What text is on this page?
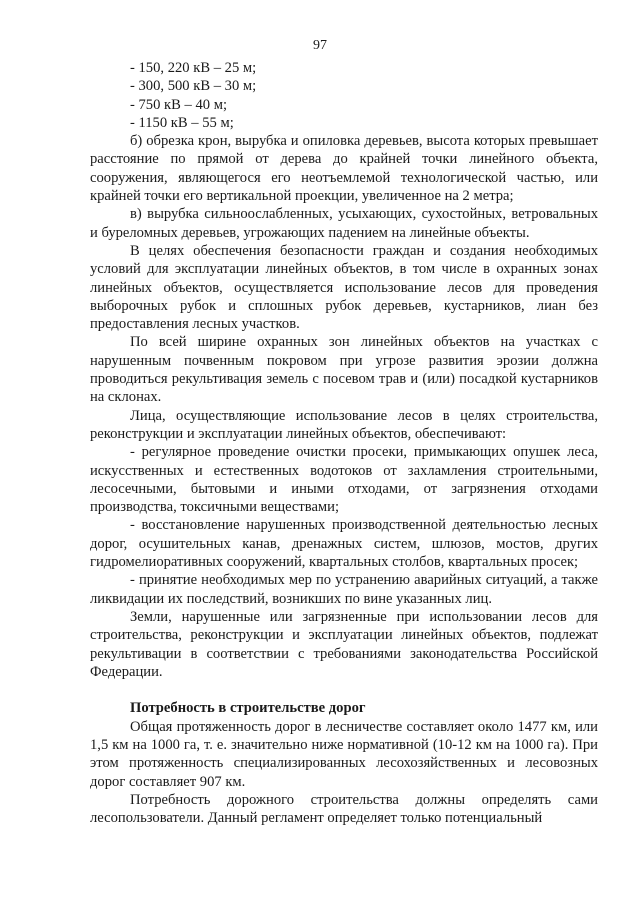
97

- 150, 220 кВ – 25 м;

- 300, 500 кВ – 30 м;

- 750 кВ – 40 м;

- 1150 кВ – 55 м;

б) обрезка крон, вырубка и опиловка деревьев, высота которых превышает расстояние по прямой от дерева до крайней точки линейного объекта, сооружения, являющегося его неотъемлемой технологической частью, или крайней точки его вертикальной проекции, увеличенное на 2 метра;

в) вырубка сильноослабленных, усыхающих, сухостойных, ветровальных и буреломных деревьев, угрожающих падением на линейные объекты.

В целях обеспечения безопасности граждан и создания необходимых условий для эксплуатации линейных объектов, в том числе в охранных зонах линейных объектов, осуществляется использование лесов для проведения выборочных рубок и сплошных рубок деревьев, кустарников, лиан без предоставления лесных участков.

По всей ширине охранных зон линейных объектов на участках с нарушенным почвенным покровом при угрозе развития эрозии должна проводиться рекультивация земель с посевом трав и (или) посадкой кустарников на склонах.

Лица, осуществляющие использование лесов в целях строительства, реконструкции и эксплуатации линейных объектов, обеспечивают:

- регулярное проведение очистки просеки, примыкающих опушек леса, искусственных и естественных водотоков от захламления строительными, лесосечными, бытовыми и иными отходами, от загрязнения отходами производства, токсичными веществами;

- восстановление нарушенных производственной деятельностью лесных дорог, осушительных канав, дренажных систем, шлюзов, мостов, других гидромелиоративных сооружений, квартальных столбов, квартальных просек;

- принятие необходимых мер по устранению аварийных ситуаций, а также ликвидации их последствий, возникших по вине указанных лиц.

Земли, нарушенные или загрязненные при использовании лесов для строительства, реконструкции и эксплуатации линейных объектов, подлежат рекультивации в соответствии с требованиями законодательства Российской Федерации.

Потребность в строительстве дорог

Общая протяженность дорог в лесничестве составляет около 1477 км, или 1,5 км на 1000 га, т. е. значительно ниже нормативной (10-12 км на 1000 га). При этом протяженность специализированных лесохозяйственных и лесовозных дорог составляет 907 км.

Потребность дорожного строительства должны определять сами лесопользователи. Данный регламент определяет только потенциальный
